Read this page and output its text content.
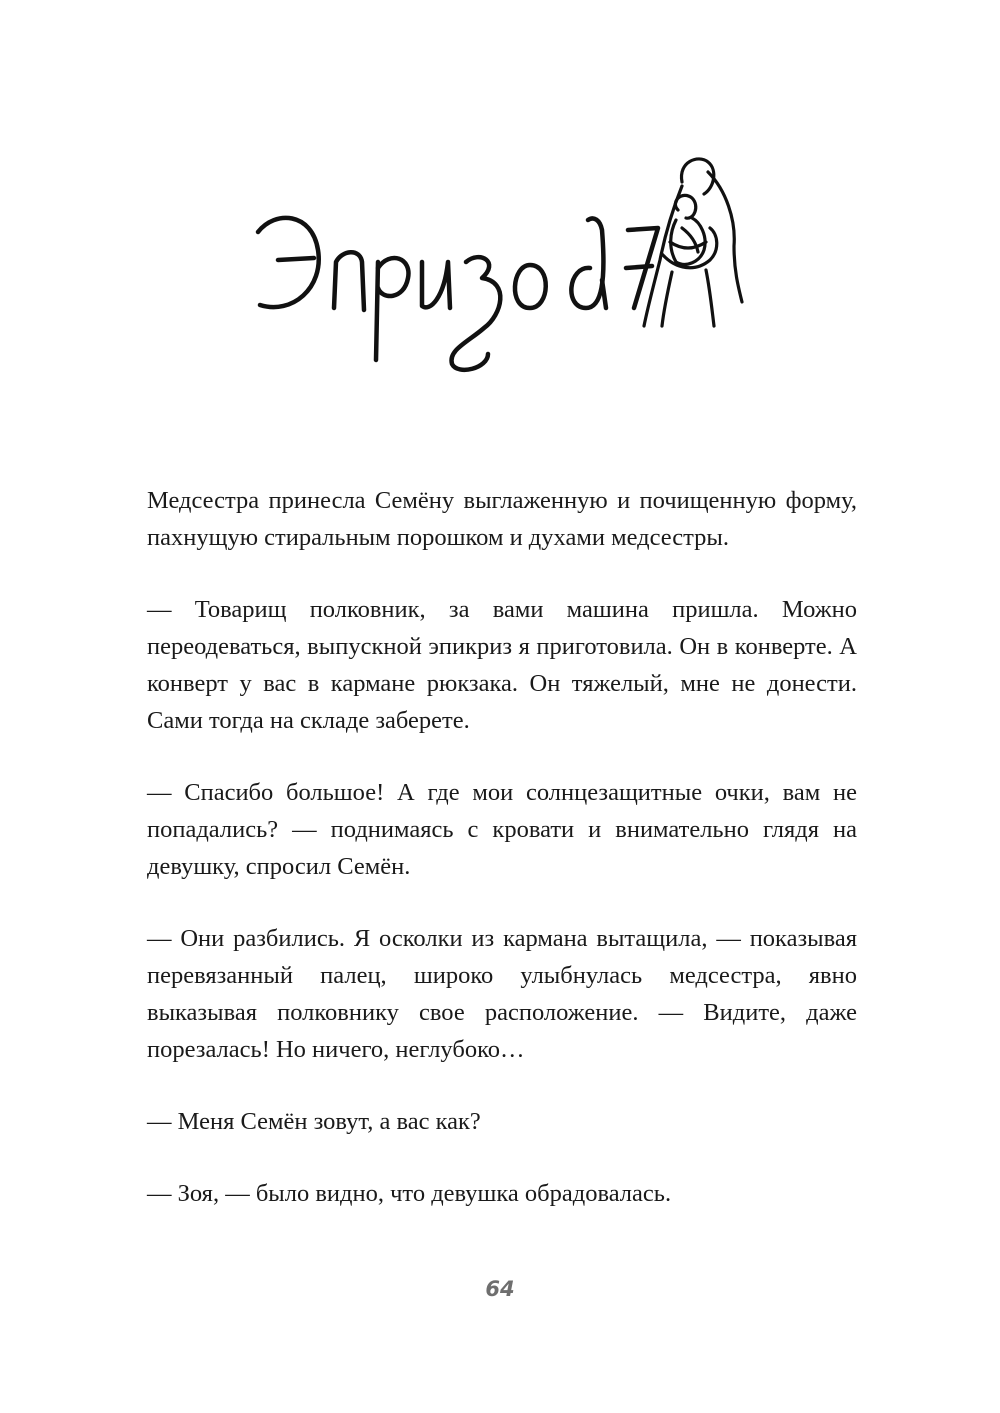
Медсестра принесла Семёну выглаженную и почищенную форму, пахнущую стиральным порошком и духами медсестры.

— Товарищ полковник, за вами машина пришла. Можно переодеваться, выпускной эпикриз я приготовила. Он в конверте. А конверт у вас в кармане рюкзака. Он тяжелый, мне не донести. Сами тогда на складе заберете.

— Спасибо большое! А где мои солнцезащитные очки, вам не попадались? — поднимаясь с кровати и внимательно глядя на девушку, спросил Семён.

— Они разбились. Я осколки из кармана вытащила, — показывая перевязанный палец, широко улыбнулась медсестра, явно выказывая полковнику свое расположение. — Видите, даже порезалась! Но ничего, неглубоко…

— Меня Семён зовут, а вас как?

— Зоя, — было видно, что девушка обрадовалась.

64
